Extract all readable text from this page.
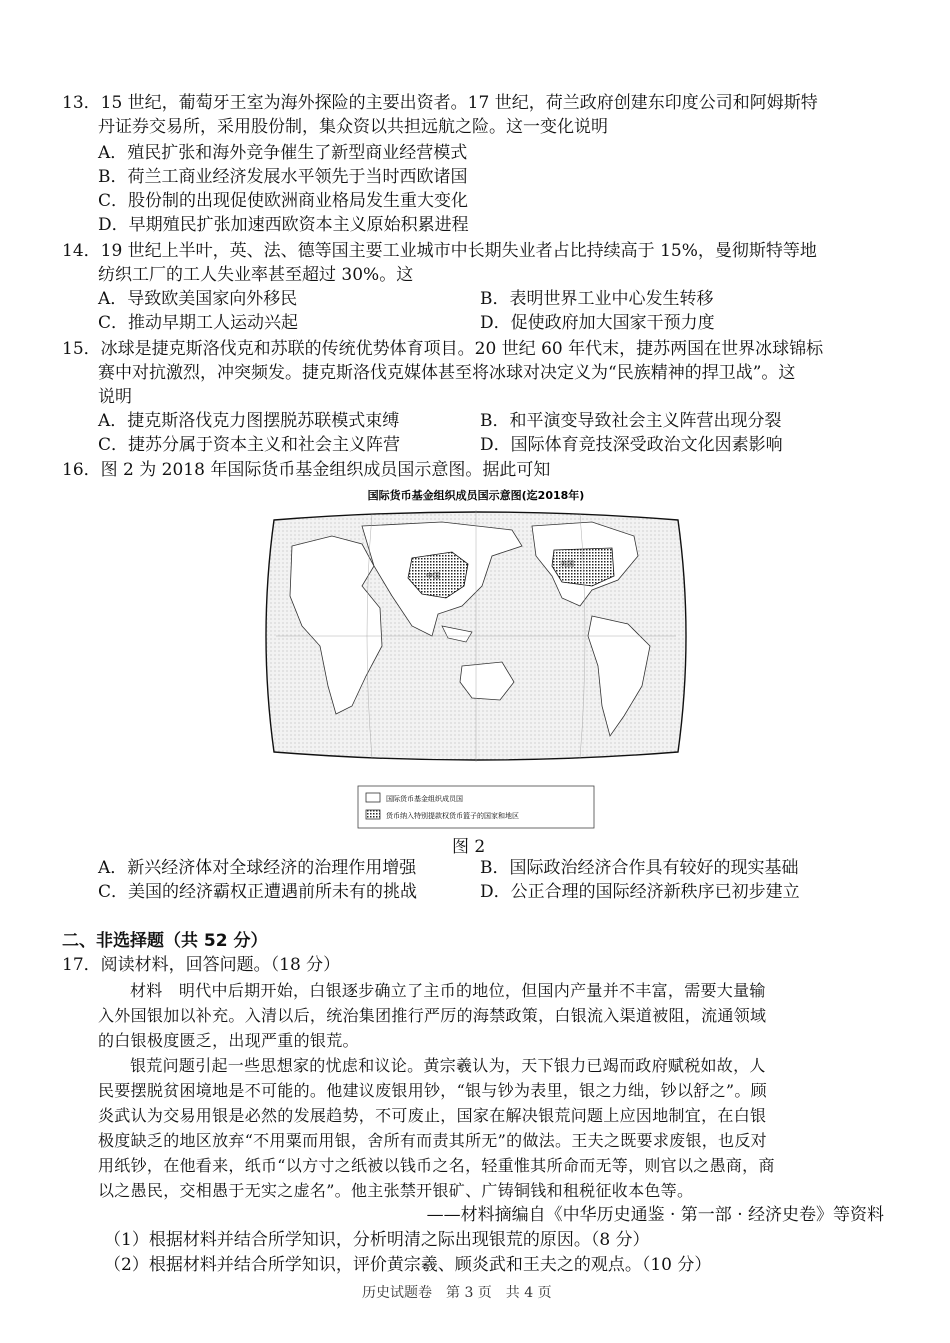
13．15 世纪，葡萄牙王室为海外探险的主要出资者。17 世纪，荷兰政府创建东印度公司和阿姆斯特
丹证券交易所，采用股份制，集众资以共担远航之险。这一变化说明
A．殖民扩张和海外竞争催生了新型商业经营模式
B．荷兰工商业经济发展水平领先于当时西欧诸国
C．股份制的出现促使欧洲商业格局发生重大变化
D．早期殖民扩张加速西欧资本主义原始积累进程
14．19 世纪上半叶，英、法、德等国主要工业城市中长期失业者占比持续高于 15%，曼彻斯特等地
纺织工厂的工人失业率甚至超过 30%。这
A．导致欧美国家向外移民	B．表明世界工业中心发生转移
C．推动早期工人运动兴起	D．促使政府加大国家干预力度
15．冰球是捷克斯洛伐克和苏联的传统优势体育项目。20 世纪 60 年代末，捷苏两国在世界冰球锦标
赛中对抗激烈，冲突频发。捷克斯洛伐克媒体甚至将冰球对决定义为“民族精神的捍卫战”。这
说明
A．捷克斯洛伐克力图摆脱苏联模式束缚	B．和平演变导致社会主义阵营出现分裂
C．捷苏分属于资本主义和社会主义阵营	D．国际体育竞技深受政治文化因素影响
16．图 2 为 2018 年国际货币基金组织成员国示意图。据此可知
国际货币基金组织成员国示意图(迄2018年)
中国
美国
国际货币基金组织成员国
货币纳入特别提款权货币篮子的国家和地区
图 2
A．新兴经济体对全球经济的治理作用增强	B．国际政治经济合作具有较好的现实基础
C．美国的经济霸权正遭遇前所未有的挑战	D．公正合理的国际经济新秩序已初步建立
二、非选择题（共 52 分）
17．阅读材料，回答问题。（18 分）
材料　明代中后期开始，白银逐步确立了主币的地位，但国内产量并不丰富，需要大量输
入外国银加以补充。入清以后，统治集团推行严厉的海禁政策，白银流入渠道被阻，流通领域
的白银极度匮乏，出现严重的银荒。
银荒问题引起一些思想家的忧虑和议论。黄宗羲认为，天下银力已竭而政府赋税如故，人
民要摆脱贫困境地是不可能的。他建议废银用钞，“银与钞为表里，银之力绌，钞以舒之”。顾
炎武认为交易用银是必然的发展趋势，不可废止，国家在解决银荒问题上应因地制宜，在白银
极度缺乏的地区放弃“不用粟而用银，舍所有而责其所无”的做法。王夫之既要求废银，也反对
用纸钞，在他看来，纸币“以方寸之纸被以钱币之名，轻重惟其所命而无等，则官以之愚商，商
以之愚民，交相愚于无实之虚名”。他主张禁开银矿、广铸铜钱和租税征收本色等。
——材料摘编自《中华历史通鉴 · 第一部 · 经济史卷》等资料
（1）根据材料并结合所学知识，分析明清之际出现银荒的原因。（8 分）
（2）根据材料并结合所学知识，评价黄宗羲、顾炎武和王夫之的观点。（10 分）
历史试题卷　第 3 页　共 4 页
